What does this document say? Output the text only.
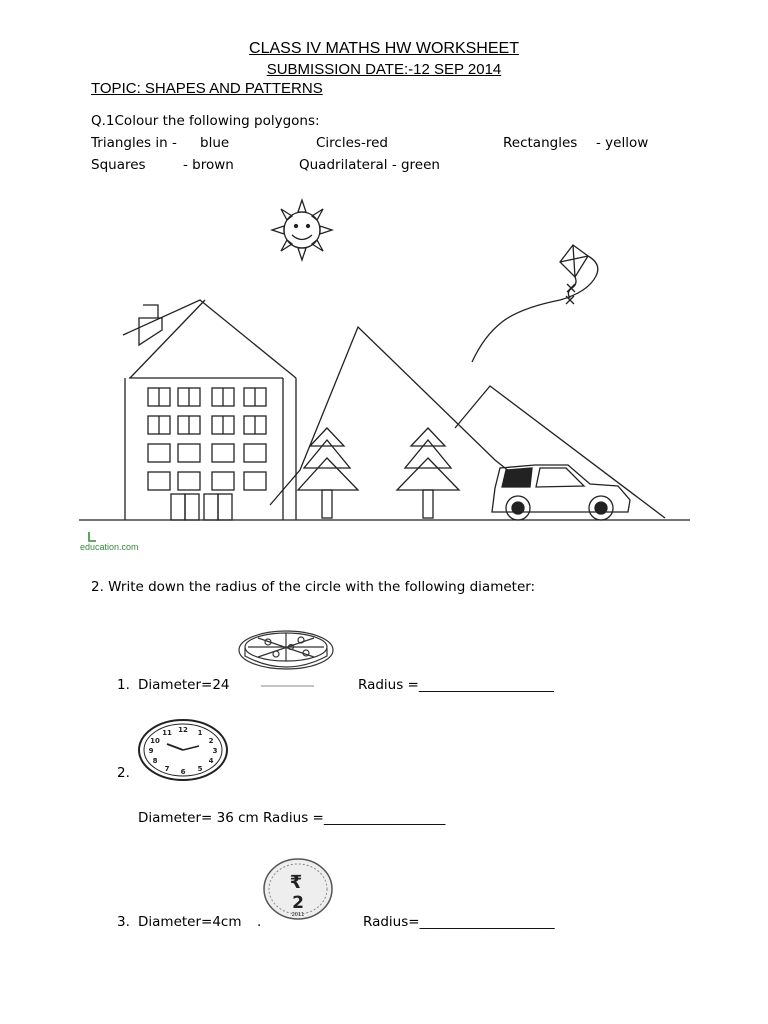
CLASS IV MATHS HW WORKSHEET
SUBMISSION DATE:-12 SEP 2014
TOPIC: SHAPES AND PATTERNS
Q.1Colour the following polygons:
Triangles in - blue	Circles-red	Rectangles - yellow
Squares	- brown	Quadrilateral - green
education.com
2. Write down the radius of the circle with the following diameter:
1. Diameter=24	Radius =____________________
12 1
2
3
4
5
6
7
8
9
10
11
2.
Diameter= 36 cm Radius =__________________
₹
2
2011
3. Diameter=4cm .	Radius=____________________
